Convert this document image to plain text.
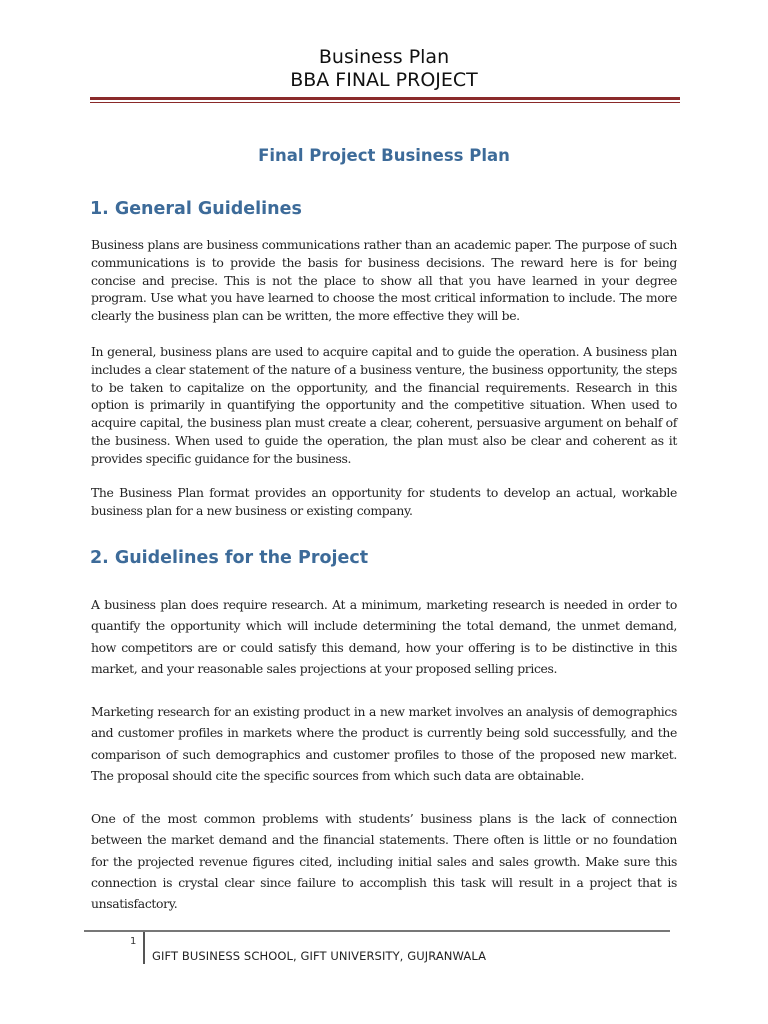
Business Plan
BBA FINAL PROJECT
Final Project Business Plan
1. General Guidelines

Business plans are business communications rather than an academic paper. The purpose of such communications is to provide the basis for business decisions. The reward here is for being concise and precise. This is not the place to show all that you have learned in your degree program. Use what you have learned to choose the most critical information to include. The more clearly the business plan can be written, the more effective they will be.

In general, business plans are used to acquire capital and to guide the operation. A business plan includes a clear statement of the nature of a business venture, the business opportunity, the steps to be taken to capitalize on the opportunity, and the financial requirements. Research in this option is primarily in quantifying the opportunity and the competitive situation. When used to acquire capital, the business plan must create a clear, coherent, persuasive argument on behalf of the business. When used to guide the operation, the plan must also be clear and coherent as it provides specific guidance for the business.

The Business Plan format provides an opportunity for students to develop an actual, workable business plan for a new business or existing company.

2. Guidelines for the Project

A business plan does require research. At a minimum, marketing research is needed in order to quantify the opportunity which will include determining the total demand, the unmet demand, how competitors are or could satisfy this demand, how your offering is to be distinctive in this market, and your reasonable sales projections at your proposed selling prices.

Marketing research for an existing product in a new market involves an analysis of demographics and customer profiles in markets where the product is currently being sold successfully, and the comparison of such demographics and customer profiles to those of the proposed new market. The proposal should cite the specific sources from which such data are obtainable.

One of the most common problems with students’ business plans is the lack of connection between the market demand and the financial statements. There often is little or no foundation for the projected revenue figures cited, including initial sales and sales growth. Make sure this connection is crystal clear since failure to accomplish this task will result in a project that is unsatisfactory.

1
GIFT BUSINESS SCHOOL, GIFT UNIVERSITY, GUJRANWALA
